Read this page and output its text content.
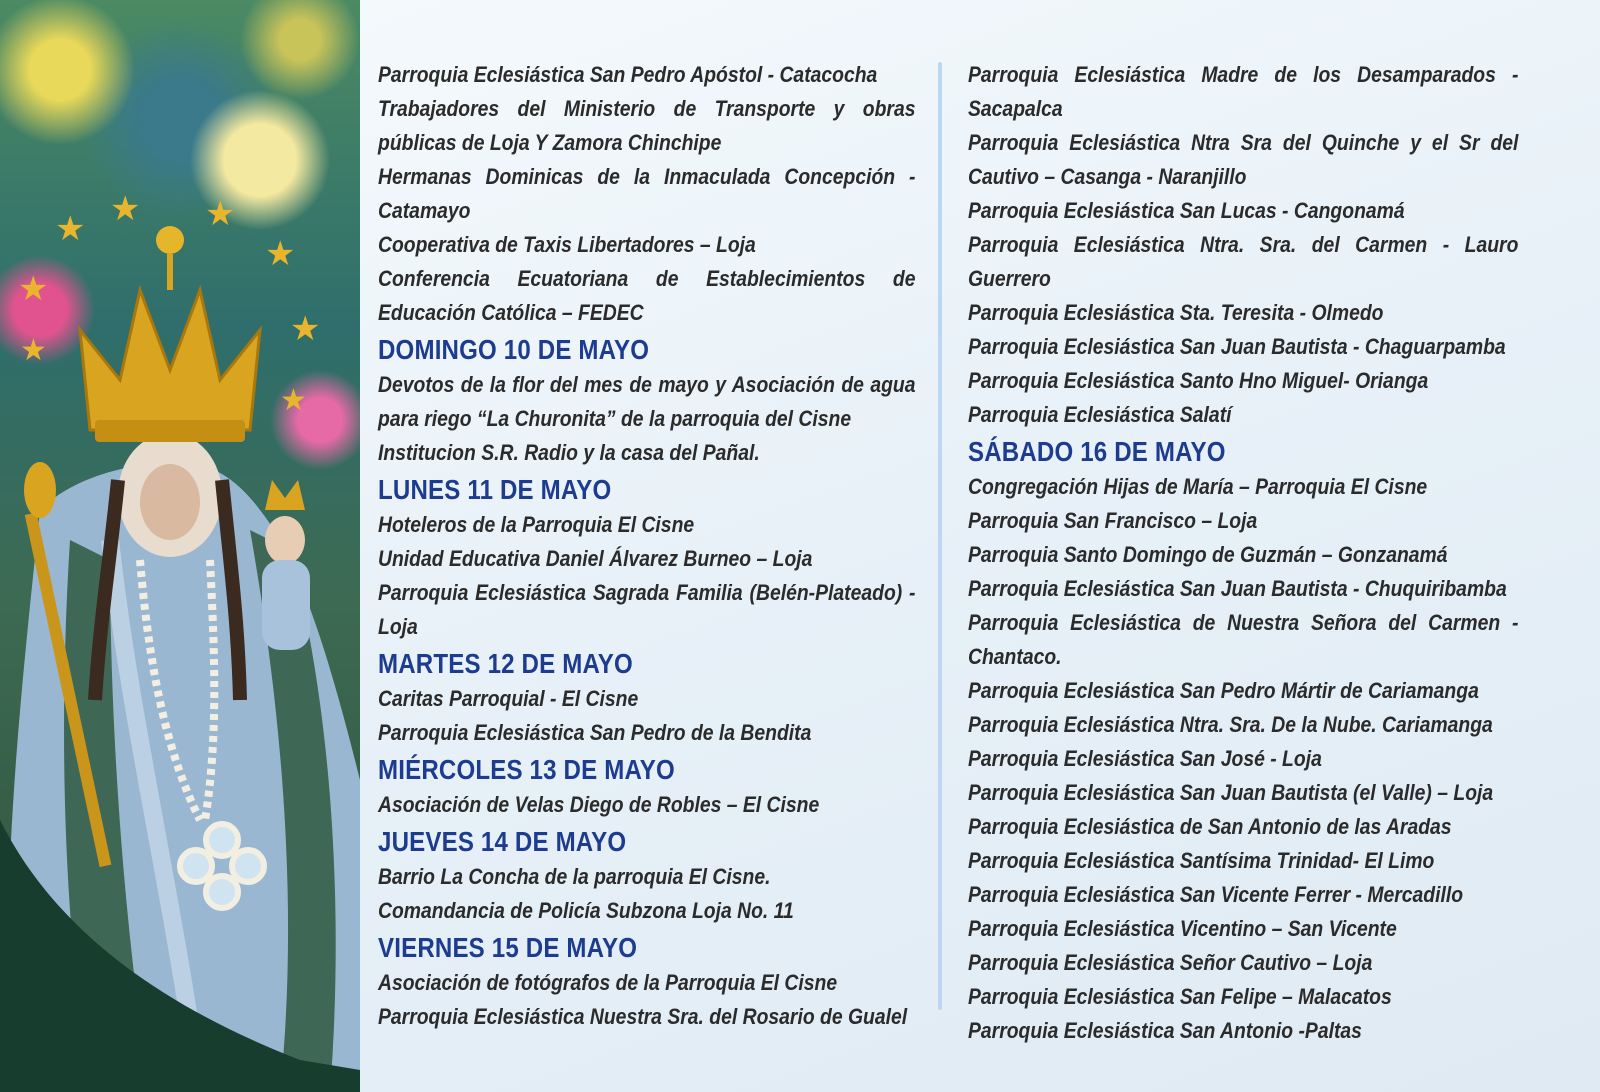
★
★
★ ★
★
★
★
★

Parroquia Eclesiástica San Pedro Apóstol - Catacocha

Trabajadores del Ministerio de Transporte y obras públicas de Loja Y Zamora Chinchipe

Hermanas Dominicas de la Inmaculada Concepción - Catamayo

Cooperativa de Taxis Libertadores – Loja

Conferencia Ecuatoriana de Establecimientos de Educación Católica – FEDEC

DOMINGO 10 DE MAYO

Devotos de la flor del mes de mayo y Asociación de agua para riego “La Churonita” de la parroquia del Cisne

Institucion S.R. Radio y la casa del Pañal.

LUNES 11 DE MAYO

Hoteleros de la Parroquia El Cisne

Unidad Educativa Daniel Álvarez Burneo – Loja

Parroquia Eclesiástica Sagrada Familia (Belén-Plateado) - Loja

MARTES 12 DE MAYO

Caritas Parroquial - El Cisne

Parroquia Eclesiástica San Pedro de la Bendita

MIÉRCOLES 13 DE MAYO

Asociación de Velas Diego de Robles – El Cisne

JUEVES 14 DE MAYO

Barrio La Concha de la parroquia El Cisne.

Comandancia de Policía Subzona Loja No. 11

VIERNES 15 DE MAYO

Asociación de fotógrafos de la Parroquia El Cisne

Parroquia Eclesiástica Nuestra Sra. del Rosario de Gualel

Parroquia Eclesiástica Madre de los Desamparados - Sacapalca

Parroquia Eclesiástica Ntra Sra del Quinche y el Sr del Cautivo – Casanga - Naranjillo

Parroquia Eclesiástica San Lucas - Cangonamá

Parroquia Eclesiástica Ntra. Sra. del Carmen - Lauro Guerrero

Parroquia Eclesiástica Sta. Teresita - Olmedo

Parroquia Eclesiástica San Juan Bautista - Chaguarpamba

Parroquia Eclesiástica Santo Hno Miguel- Orianga

Parroquia Eclesiástica Salatí

SÁBADO 16 DE MAYO

Congregación Hijas de María – Parroquia El Cisne

Parroquia San Francisco – Loja

Parroquia Santo Domingo de Guzmán – Gonzanamá

Parroquia Eclesiástica San Juan Bautista - Chuquiribamba

Parroquia Eclesiástica de Nuestra Señora del Carmen - Chantaco.

Parroquia Eclesiástica San Pedro Mártir de Cariamanga

Parroquia Eclesiástica Ntra. Sra. De la Nube. Cariamanga

Parroquia Eclesiástica San José - Loja

Parroquia Eclesiástica San Juan Bautista (el Valle) – Loja

Parroquia Eclesiástica de San Antonio de las Aradas

Parroquia Eclesiástica Santísima Trinidad- El Limo

Parroquia Eclesiástica San Vicente Ferrer - Mercadillo

Parroquia Eclesiástica Vicentino – San Vicente

Parroquia Eclesiástica Señor Cautivo – Loja

Parroquia Eclesiástica San Felipe – Malacatos

Parroquia Eclesiástica San Antonio -Paltas
